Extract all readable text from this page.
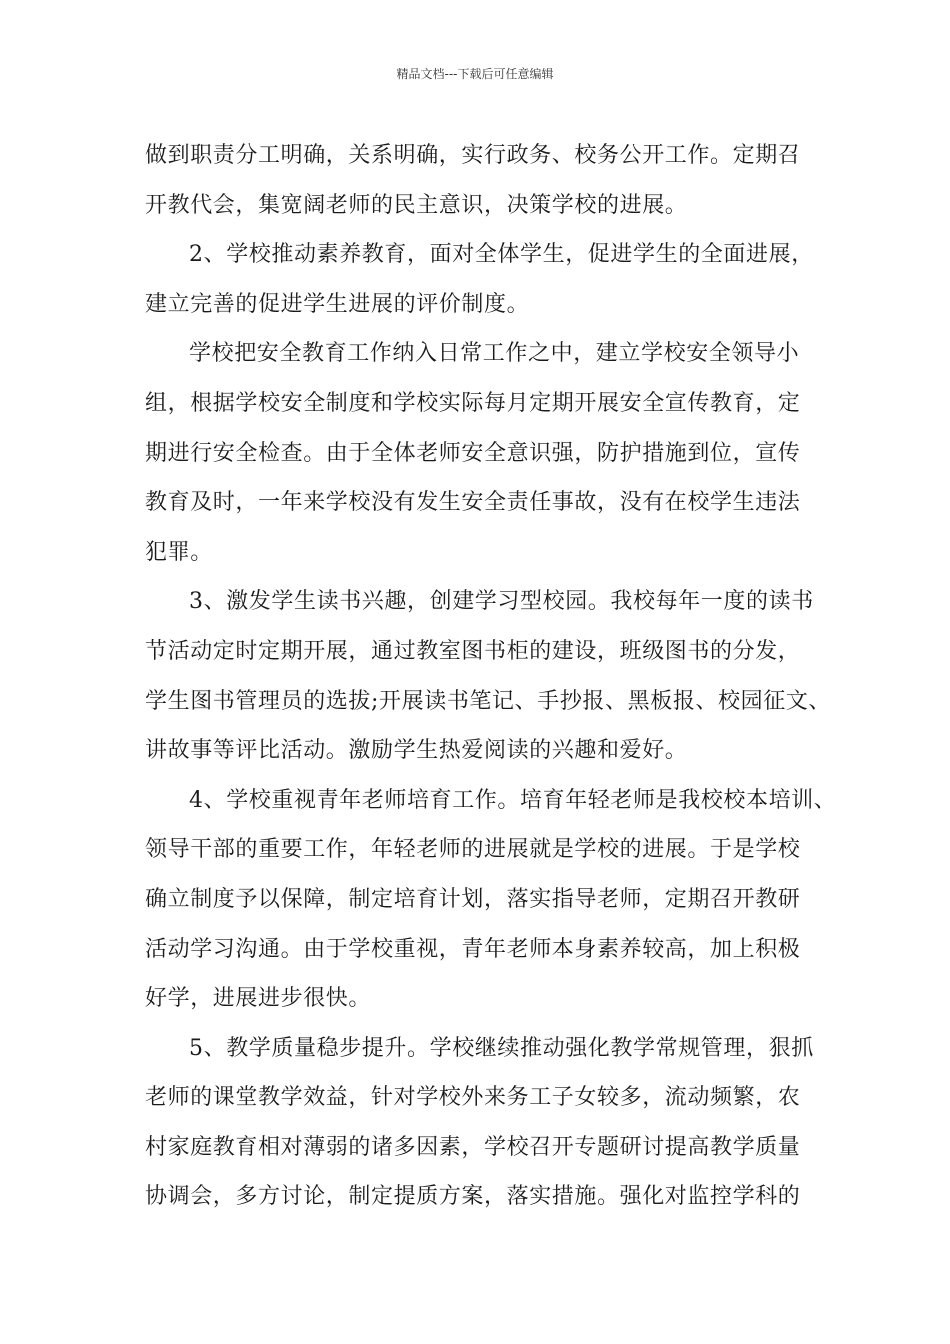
精品文档---下载后可任意编辑
做到职责分工明确，关系明确，实行政务、校务公开工作。定期召
开教代会，集宽阔老师的民主意识，决策学校的进展。
2、学校推动素养教育，面对全体学生，促进学生的全面进展，
建立完善的促进学生进展的评价制度。
学校把安全教育工作纳入日常工作之中，建立学校安全领导小
组，根据学校安全制度和学校实际每月定期开展安全宣传教育，定
期进行安全检查。由于全体老师安全意识强，防护措施到位，宣传
教育及时，一年来学校没有发生安全责任事故，没有在校学生违法
犯罪。
3、激发学生读书兴趣，创建学习型校园。我校每年一度的读书
节活动定时定期开展，通过教室图书柜的建设，班级图书的分发，
学生图书管理员的选拔;开展读书笔记、手抄报、黑板报、校园征文、
讲故事等评比活动。激励学生热爱阅读的兴趣和爱好。
4、学校重视青年老师培育工作。培育年轻老师是我校校本培训、
领导干部的重要工作，年轻老师的进展就是学校的进展。于是学校
确立制度予以保障，制定培育计划，落实指导老师，定期召开教研
活动学习沟通。由于学校重视，青年老师本身素养较高，加上积极
好学，进展进步很快。
5、教学质量稳步提升。学校继续推动强化教学常规管理，狠抓
老师的课堂教学效益，针对学校外来务工子女较多，流动频繁，农
村家庭教育相对薄弱的诸多因素，学校召开专题研讨提高教学质量
协调会，多方讨论，制定提质方案，落实措施。强化对监控学科的
